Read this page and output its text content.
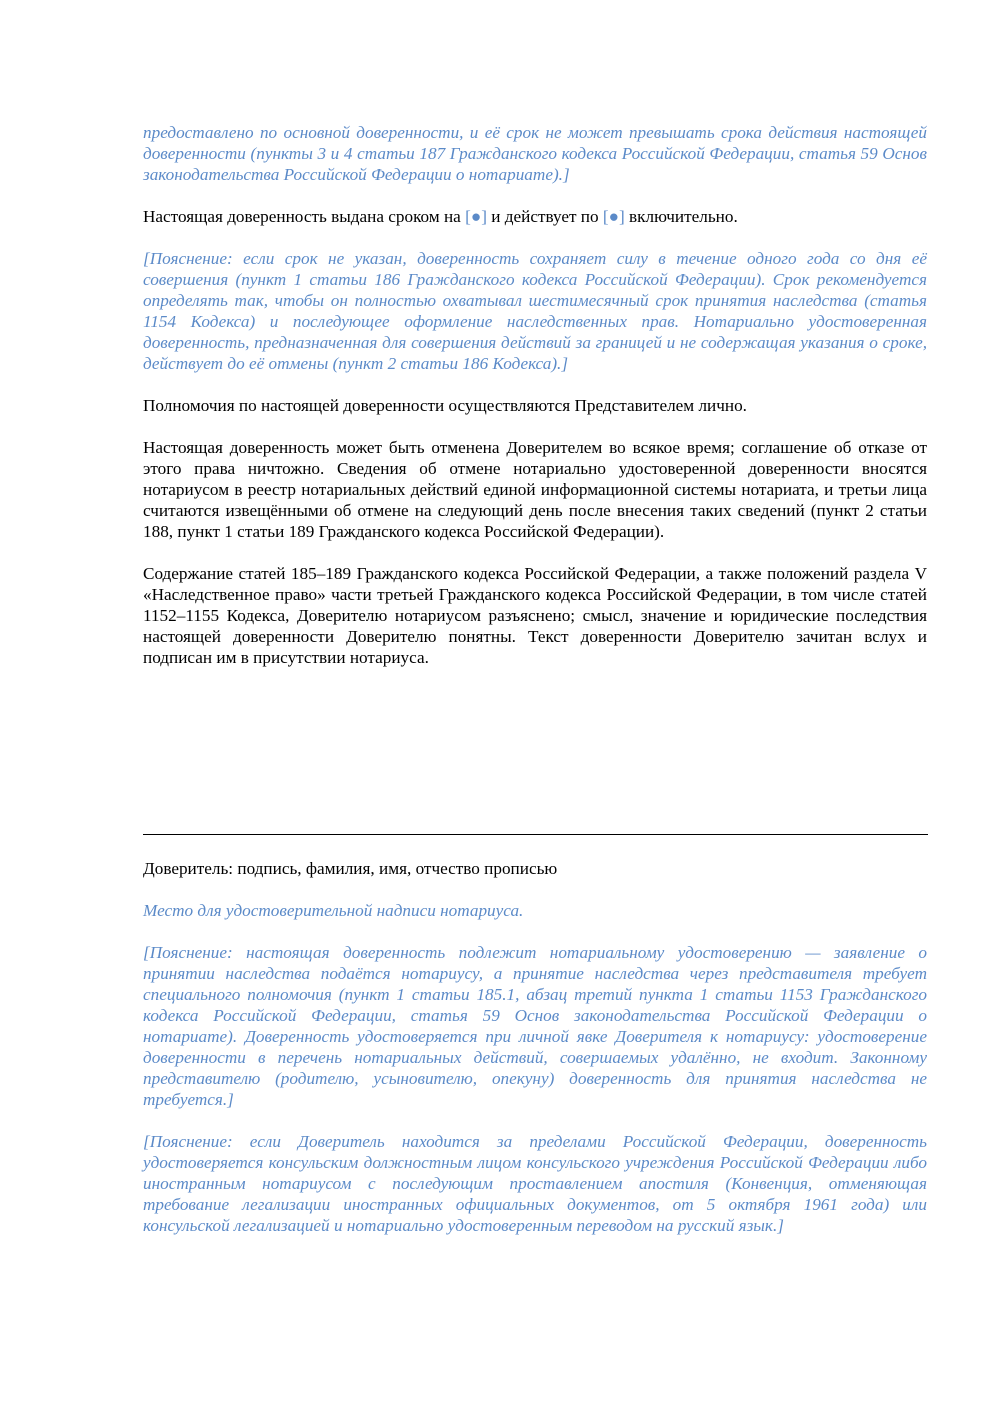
предоставлено по основной доверенности, и её срок не может превышать срока действия настоящей доверенности (пункты 3 и 4 статьи 187 Гражданского кодекса Российской Федерации, статья 59 Основ законодательства Российской Федерации о нотариате).]

Настоящая доверенность выдана сроком на [●] и действует по [●] включительно.

[Пояснение: если срок не указан, доверенность сохраняет силу в течение одного года со дня её совершения (пункт 1 статьи 186 Гражданского кодекса Российской Федерации). Срок рекомендуется определять так, чтобы он полностью охватывал шестимесячный срок принятия наследства (статья 1154 Кодекса) и последующее оформление наследственных прав. Нотариально удостоверенная доверенность, предназначенная для совершения действий за границей и не содержащая указания о сроке, действует до её отмены (пункт 2 статьи 186 Кодекса).]

Полномочия по настоящей доверенности осуществляются Представителем лично.

Настоящая доверенность может быть отменена Доверителем во всякое время; соглашение об отказе от этого права ничтожно. Сведения об отмене нотариально удостоверенной доверенности вносятся нотариусом в реестр нотариальных действий единой информационной системы нотариата, и третьи лица считаются извещёнными об отмене на следующий день после внесения таких сведений (пункт 2 статьи 188, пункт 1 статьи 189 Гражданского кодекса Российской Федерации).

Содержание статей 185–189 Гражданского кодекса Российской Федерации, а также положений раздела V «Наследственное право» части третьей Гражданского кодекса Российской Федерации, в том числе статей 1152–1155 Кодекса, Доверителю нотариусом разъяснено; смысл, значение и юридические последствия настоящей доверенности Доверителю понятны. Текст доверенности Доверителю зачитан вслух и подписан им в присутствии нотариуса.

Доверитель: подпись, фамилия, имя, отчество прописью

Место для удостоверительной надписи нотариуса.

[Пояснение: настоящая доверенность подлежит нотариальному удостоверению — заявление о принятии наследства подаётся нотариусу, а принятие наследства через представителя требует специального полномочия (пункт 1 статьи 185.1, абзац третий пункта 1 статьи 1153 Гражданского кодекса Российской Федерации, статья 59 Основ законодательства Российской Федерации о нотариате). Доверенность удостоверяется при личной явке Доверителя к нотариусу: удостоверение доверенности в перечень нотариальных действий, совершаемых удалённо, не входит. Законному представителю (родителю, усыновителю, опекуну) доверенность для принятия наследства не требуется.]

[Пояснение: если Доверитель находится за пределами Российской Федерации, доверенность удостоверяется консульским должностным лицом консульского учреждения Российской Федерации либо иностранным нотариусом с последующим проставлением апостиля (Конвенция, отменяющая требование легализации иностранных официальных документов, от 5 октября 1961 года) или консульской легализацией и нотариально удостоверенным переводом на русский язык.]
